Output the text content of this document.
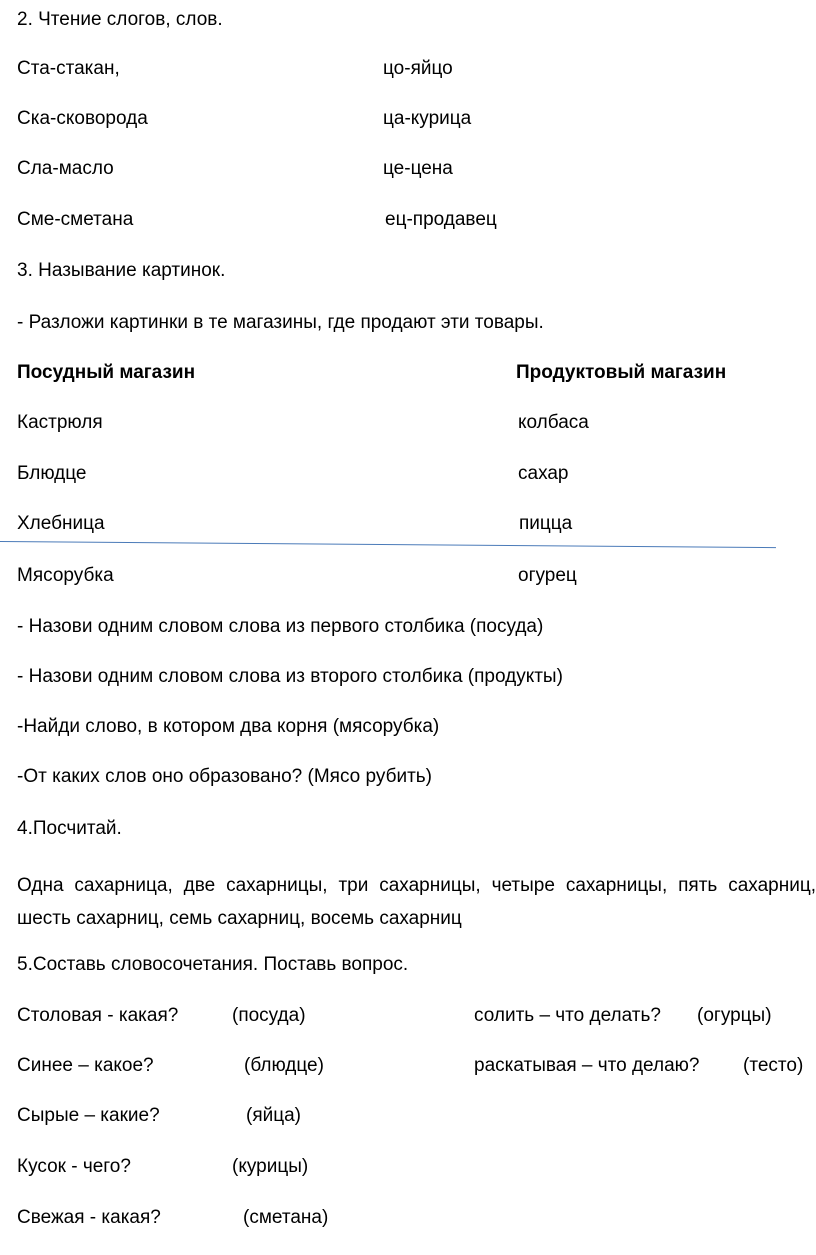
2. Чтение слогов, слов.
Ста-стакан,	цо-яйцо
Ска-сковорода	ца-курица
Сла-масло	це-цена
Сме-сметана	ец-продавец
3. Называние картинок.
- Разложи картинки в те магазины, где продают эти товары.
Посудный магазин	Продуктовый магазин
Кастрюля	колбаса
Блюдце	сахар
Хлебница	пицца
Мясорубка	огурец
- Назови одним словом слова из первого столбика (посуда)
- Назови одним словом слова из второго столбика (продукты)
-Найди слово, в котором два корня (мясорубка)
-От каких слов оно образовано? (Мясо рубить)
4.Посчитай.
Одна сахарница, две сахарницы, три сахарницы, четыре сахарницы, пять сахарниц, шесть сахарниц, семь сахарниц, восемь сахарниц
5.Составь словосочетания. Поставь вопрос.
Столовая - какая?	(посуда)	солить – что делать? (огурцы)
Синее – какое?	(блюдце)	раскатывая – что делаю? (тесто)
Сырые – какие?	(яйца)
Кусок - чего?	(курицы)
Свежая - какая?	(сметана)
